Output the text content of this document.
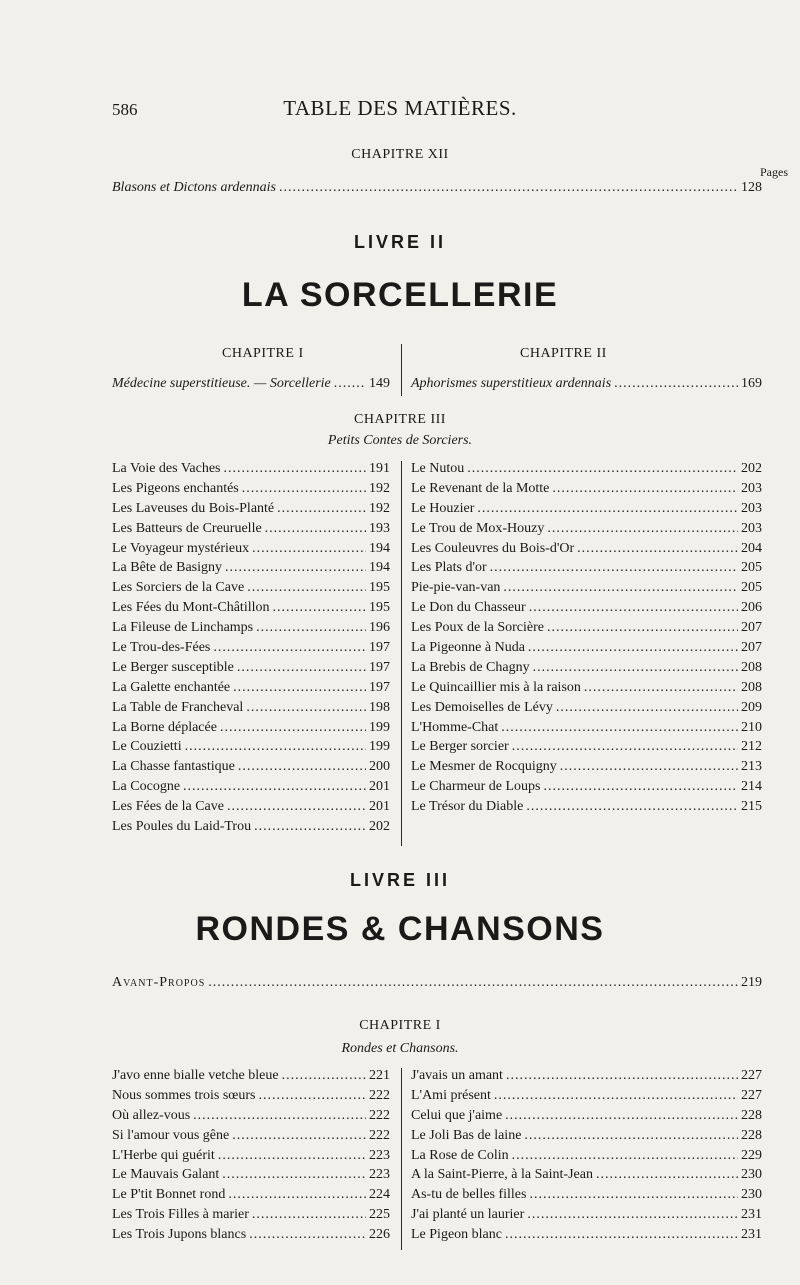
586	TABLE DES MATIÈRES.
CHAPITRE XII
Pages
Blasons et Dictons ardennais .....	128
LIVRE II
LA SORCELLERIE
CHAPITRE I
Médecine superstitieuse. — Sorcellerie .....	149
CHAPITRE II
Aphorismes superstitieux ardennais .....	169
CHAPITRE III
Petits Contes de Sorciers.
La Voie des Vaches .....	191
Les Pigeons enchantés .....	192
Les Laveuses du Bois-Planté .....	192
Les Batteurs de Creuruelle .....	193
Le Voyageur mystérieux .....	194
La Bête de Basigny .....	194
Les Sorciers de la Cave .....	195
Les Fées du Mont-Châtillon .....	195
La Fileuse de Linchamps .....	196
Le Trou-des-Fées .....	197
Le Berger susceptible .....	197
La Galette enchantée .....	197
La Table de Francheval .....	198
La Borne déplacée .....	199
Le Couzietti .....	199
La Chasse fantastique .....	200
La Cocogne .....	201
Les Fées de la Cave .....	201
Les Poules du Laid-Trou .....	202
Le Nutou .....	202
Le Revenant de la Motte .....	203
Le Houzier .....	203
Le Trou de Mox-Houzy .....	203
Les Couleuvres du Bois-d'Or .....	204
Les Plats d'or .....	205
Pie-pie-van-van .....	205
Le Don du Chasseur .....	206
Les Poux de la Sorcière .....	207
La Pigeonne à Nuda .....	207
La Brebis de Chagny .....	208
Le Quincaillier mis à la raison .....	208
Les Demoiselles de Lévy .....	209
L'Homme-Chat .....	210
Le Berger sorcier .....	212
Le Mesmer de Rocquigny .....	213
Le Charmeur de Loups .....	214
Le Trésor du Diable .....	215
LIVRE III
RONDES & CHANSONS
Avant-Propos .....	219
CHAPITRE I
Rondes et Chansons.
J'avo enne bialle vetche bleue .....	221
Nous sommes trois sœurs .....	222
Où allez-vous .....	222
Si l'amour vous gêne .....	222
L'Herbe qui guérit .....	223
Le Mauvais Galant .....	223
Le P'tit Bonnet rond .....	224
Les Trois Filles à marier .....	225
Les Trois Jupons blancs .....	226
J'avais un amant .....	227
L'Ami présent .....	227
Celui que j'aime .....	228
Le Joli Bas de laine .....	228
La Rose de Colin .....	229
A la Saint-Pierre, à la Saint-Jean .....	230
As-tu de belles filles .....	230
J'ai planté un laurier .....	231
Le Pigeon blanc .....	231
